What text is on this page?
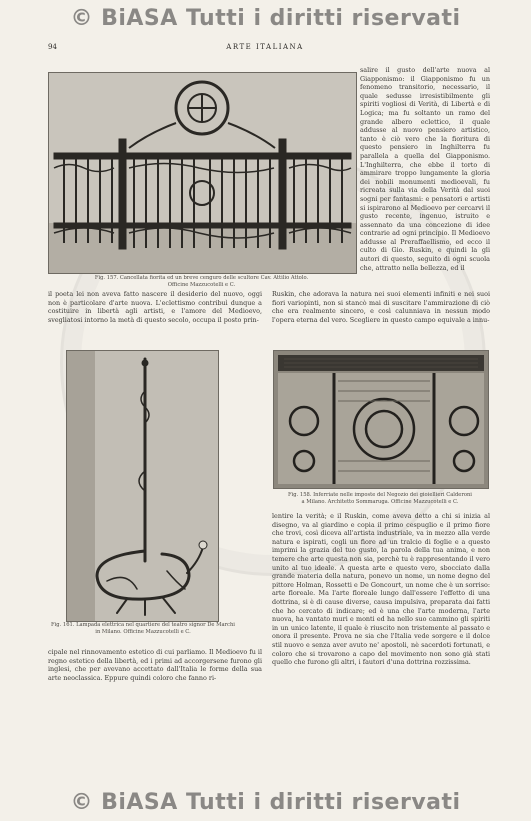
© BiASA Tutti i diritti riservati
94	ARTE ITALIANA
Fig. 157. Cancellata fiorita ed un breve cenguro delle scultore Cav. Attilio Attolo.
Officine Mazzucotelli e C.

salire il gusto dell'arte nuova al Giapponismo: il Giapponismo fu un fenomeno transitorio, necessario, il quale sedusse irresistibilmente gli spiriti vogliosi di Verità, di Libertà e di Logica; ma fu soltanto un ramo del grande albero eclettico, il quale addusse al nuovo pensiero artistico, tanto è ciò vero che la fioritura di questo pensiero in Inghilterra fu parallela a quella del Giapponismo. L'Inghilterra, che ebbe il torto di ammirare troppo lungamente la gloria dei nobili monumenti medioevali, fu ricreata sulla via della Verità dal suoi sogni per fantasmi: e pensatori e artisti si ispirarono al Medioevo per cercarvi il gusto recente, ingenuo, istruito e assennato da una concezione di idee contrarie ad ogni principio. Il Medioevo addusse al Preraffaellismo, ed ecco il culto di Gio. Ruskin, e quindi la gli autori di questo, seguito di ogni scuola che, attratto nella bellezza, ed il

il poeta lei non aveva fatto nascere il desiderio del nuovo, oggi non è particolare d'arte nuova. L'eclettismo contribuì dunque a costituire in libertà agli artisti, e l'amore del Medioevo, svegliatosi intorno la metà di questo secolo, occupa il posto prin-

Ruskin, che adorava la natura nei suoi elementi infiniti e nei suoi fiori variopinti, non si stancò mai di suscitare l'ammirazione di ciò che era realmente sincero, e così calunniava in nessun modo l'opera eterna del vero. Scegliere in questo campo equivale a innu-

Fig. 161. Lampada elettrica nel quartiere del teatro signor De Marchi
in Milano. Officine Mazzucotelli e C.
Fig. 158. Inferriate nelle imposte del Negozio dei gioiellieri Calderoni
a Milano. Architetto Sommaruga. Officine Mazzucotelli e C.

lentire la verità; e il Ruskin, come aveva detto a chi si inizia al disegno, va al giardino e copia il primo cespuglio e il primo fiore che trovi, così diceva all'artista industriale, va in mezzo alla verde natura e ispirati, cogli un fiore ad un tralcio di foglie e a questo imprimi la grazia del tuo gusto, la parola della tua anima, e non temere che arte questa non sia, perchè tu è rappresentando il vero unito al tuo ideale. A questa arte e questo vero, sbocciato dalla grande materia della natura, ponevo un nome, un nome degno del pittore Holman, Rossetti e De Goncourt, un nome che è un sorriso: arte floreale. Ma l'arte floreale lungo dall'essere l'effetto di una dottrina, si è di cause diverse, causa impulsiva, preparata dai fatti che ho cercato di indicare; ed è una che l'arte moderna, l'arte nuova, ha vantato muri e monti ed ha nello suo cammino gli spiriti in un unico latente, il quale è riuscito non tristemente al passato e onora il presente. Prova ne sia che l'Italia vede sorgere e il dolce stil nuovo e senza aver avuto ne' apostoli, nè sacerdoti fortunati, e coloro che si trovarono a capo del movimento non sono già stati quello che furono gli altri, i fautori d'una dottrina rozzissima.

cipale nel rinnovamento estetico di cui parliamo. Il Medioevo fu il regno estetico della libertà, ed i primi ad accorgersene furono gli inglesi, che per avevano accettato dall'Italia le forme della sua arte neoclassica. Eppure quindi coloro che fanno ri-

© BiASA Tutti i diritti riservati
